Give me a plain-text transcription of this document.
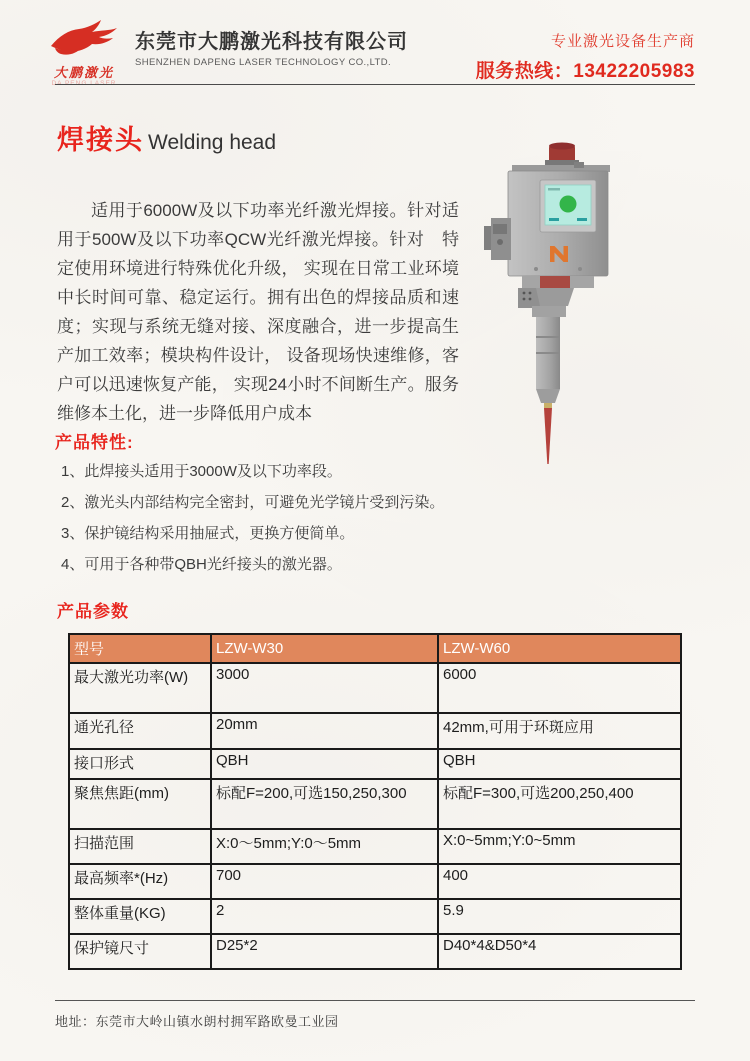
大鹏激光
DA PENG LASER
东莞市大鹏激光科技有限公司
SHENZHEN DAPENG LASER TECHNOLOGY CO.,LTD.
专业激光设备生产商
服务热线：13422205983
焊接头 Welding head

适用于6000W及以下功率光纤激光焊接。针对适用于500W及以下功率QCW光纤激光焊接。针对　特定使用环境进行特殊优化升级， 实现在日常工业环境中长时间可靠、稳定运行。拥有出色的焊接品质和速度；实现与系统无缝对接、深度融合，进一步提高生产加工效率；模块构件设计， 设备现场快速维修，客户可以迅速恢复产能， 实现24小时不间断生产。服务维修本土化，进一步降低用户成本

产品特性:
1、此焊接头适用于3000W及以下功率段。
2、激光头内部结构完全密封，可避免光学镜片受到污染。
3、保护镜结构采用抽屉式，更换方便简单。
4、可用于各种带QBH光纤接头的激光器。
产品参数
型号	LZW-W30	LZW-W60
最大激光功率(W)	3000	6000
通光孔径	20mm	42mm,可用于环斑应用
接口形式	QBH	QBH
聚焦焦距(mm)	标配F=200,可选150,250,300	标配F=300,可选200,250,400
扫描范围	X:0～5mm;Y:0～5mm	X:0~5mm;Y:0~5mm
最高频率*(Hz)	700	400
整体重量(KG)	2	5.9
保护镜尺寸	D25*2	D40*4&D50*4
地址：东莞市大岭山镇水朗村拥军路欧曼工业园
